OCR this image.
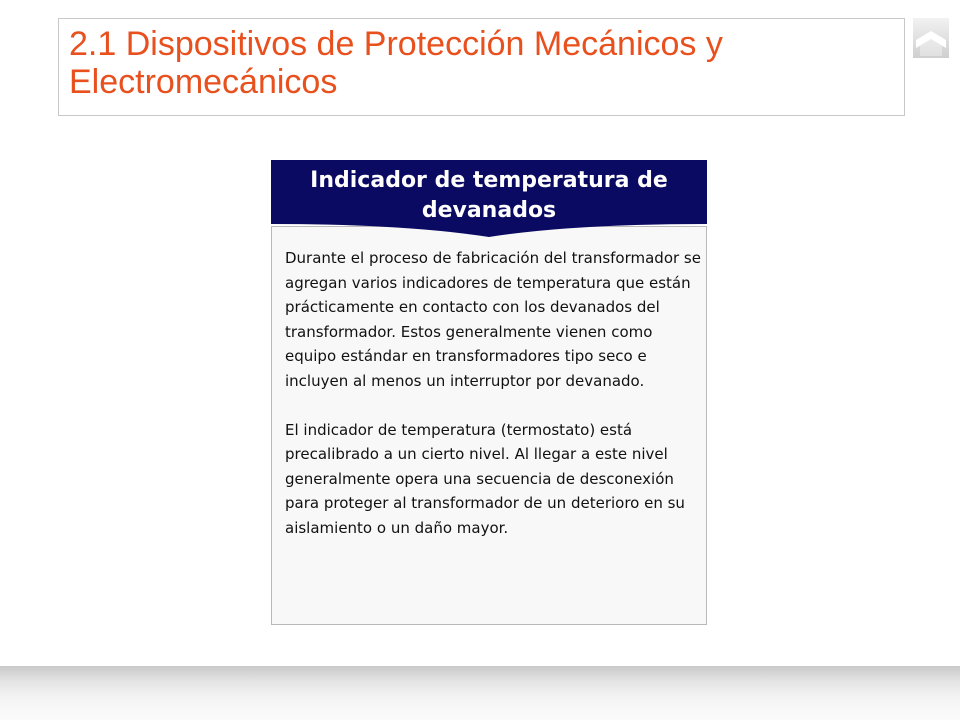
2.1 Dispositivos de Protección Mecánicos y Electromecánicos
Indicador de temperatura de devanados

Durante el proceso de fabricación del transformador se agregan varios indicadores de temperatura que están prácticamente en contacto con los devanados del transformador. Estos generalmente vienen como equipo estándar en transformadores tipo seco e incluyen al menos un interruptor por devanado.

El indicador de temperatura (termostato) está precalibrado a un cierto nivel. Al llegar a este nivel generalmente opera una secuencia de desconexión para proteger al transformador de un deterioro en su aislamiento o un daño mayor.
